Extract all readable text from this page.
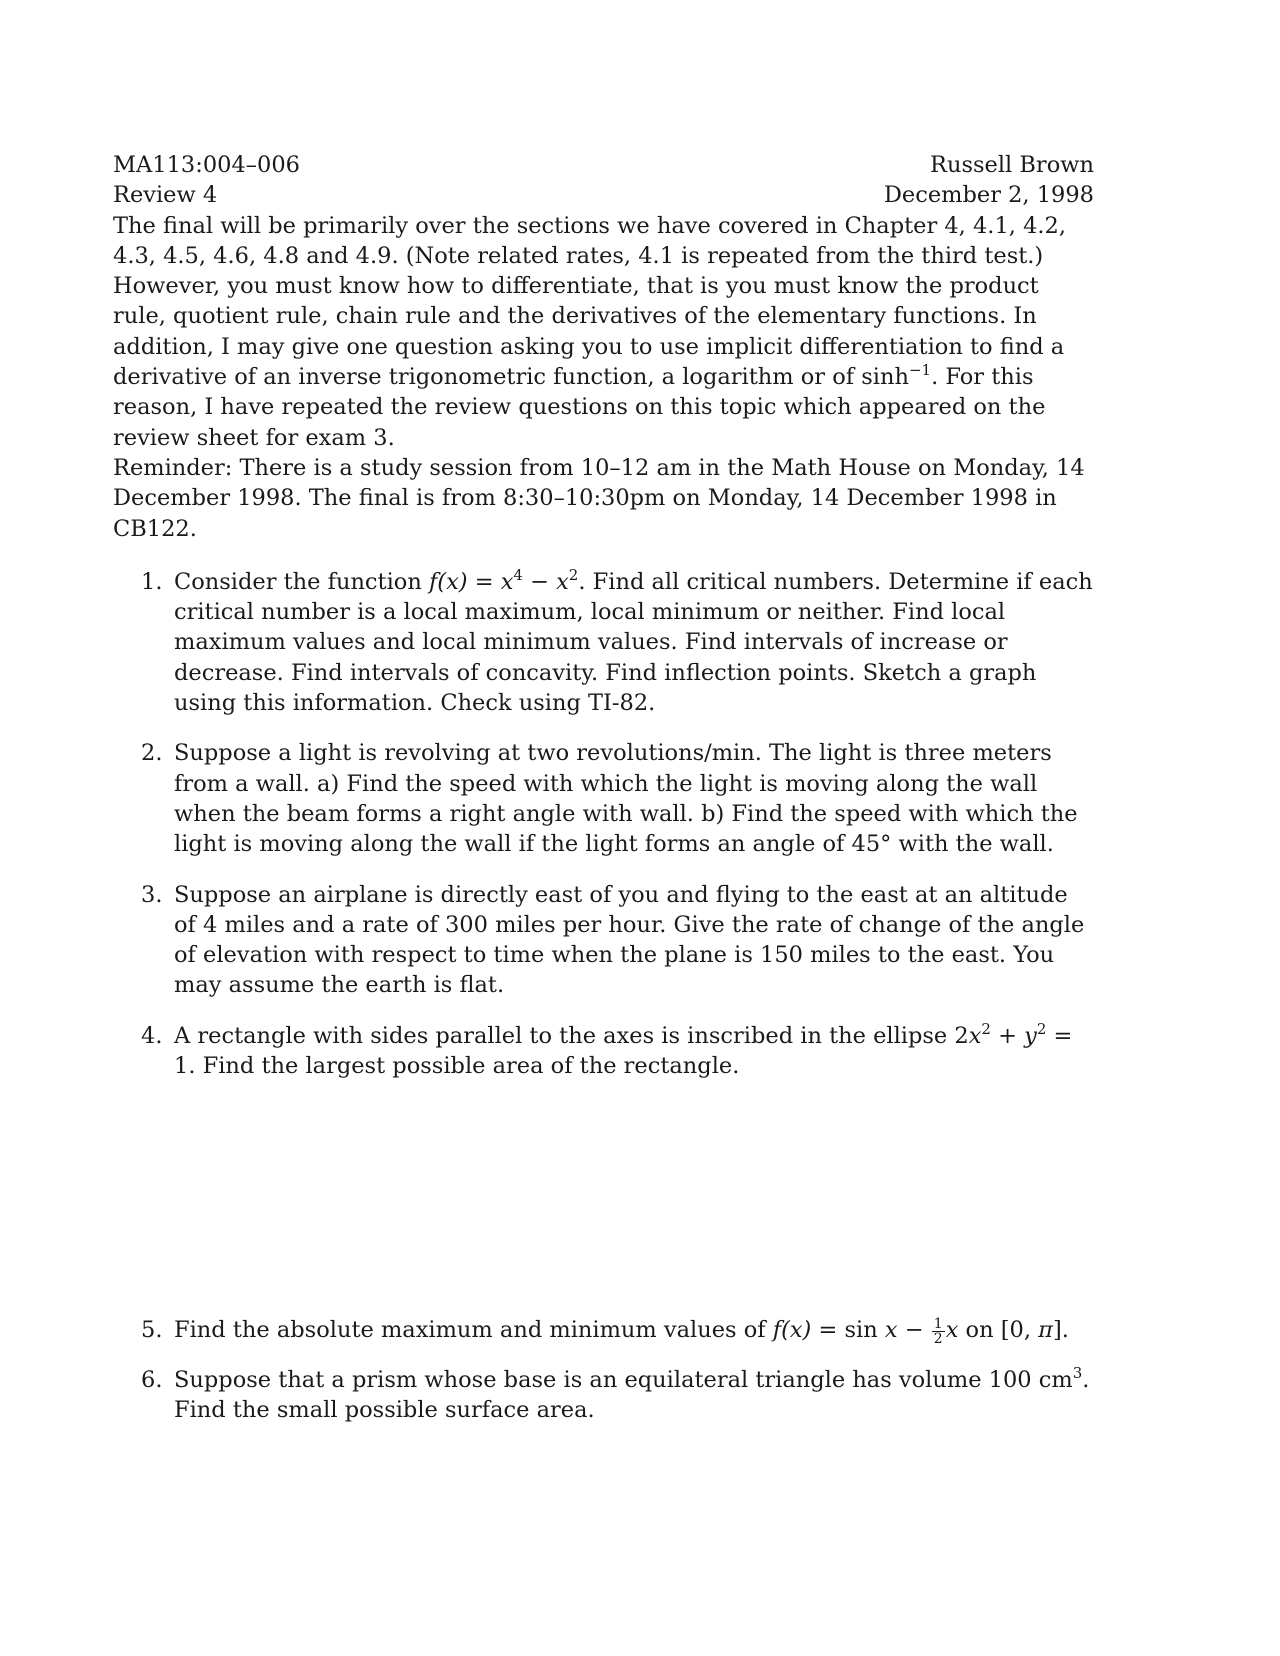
MA113:004–006	Russell Brown
Review 4	December 2, 1998

The final will be primarily over the sections we have covered in Chapter 4, 4.1, 4.2, 4.3, 4.5, 4.6, 4.8 and 4.9. (Note related rates, 4.1 is repeated from the third test.) However, you must know how to differentiate, that is you must know the product rule, quotient rule, chain rule and the derivatives of the elementary functions. In addition, I may give one question asking you to use implicit differentiation to find a derivative of an inverse trigonometric function, a logarithm or of $\sinh^{-1}$. For this reason, I have repeated the review questions on this topic which appeared on the review sheet for exam 3.

Reminder: There is a study session from 10–12 am in the Math House on Monday, 14 December 1998. The final is from 8:30–10:30pm on Monday, 14 December 1998 in CB122.

1. Consider the function $f(x) = x^4 - x^2$. Find all critical numbers. Determine if each critical number is a local maximum, local minimum or neither. Find local maximum values and local minimum values. Find intervals of increase or decrease. Find intervals of concavity. Find inflection points. Sketch a graph using this information. Check using TI-82.
2. Suppose a light is revolving at two revolutions/min. The light is three meters from a wall. a) Find the speed with which the light is moving along the wall when the beam forms a right angle with wall. b) Find the speed with which the light is moving along the wall if the light forms an angle of 45° with the wall.
3. Suppose an airplane is directly east of you and flying to the east at an altitude of 4 miles and a rate of 300 miles per hour. Give the rate of change of the angle of elevation with respect to time when the plane is 150 miles to the east. You may assume the earth is flat.
4. A rectangle with sides parallel to the axes is inscribed in the ellipse $2x^2 + y^2 = 1$. Find the largest possible area of the rectangle.
5. Find the absolute maximum and minimum values of $f(x) = \sin x - \frac{1}{2}$ x on [0, π].
6. Suppose that a prism whose base is an equilateral triangle has volume 100 $cm^3$. Find the small possible surface area.
